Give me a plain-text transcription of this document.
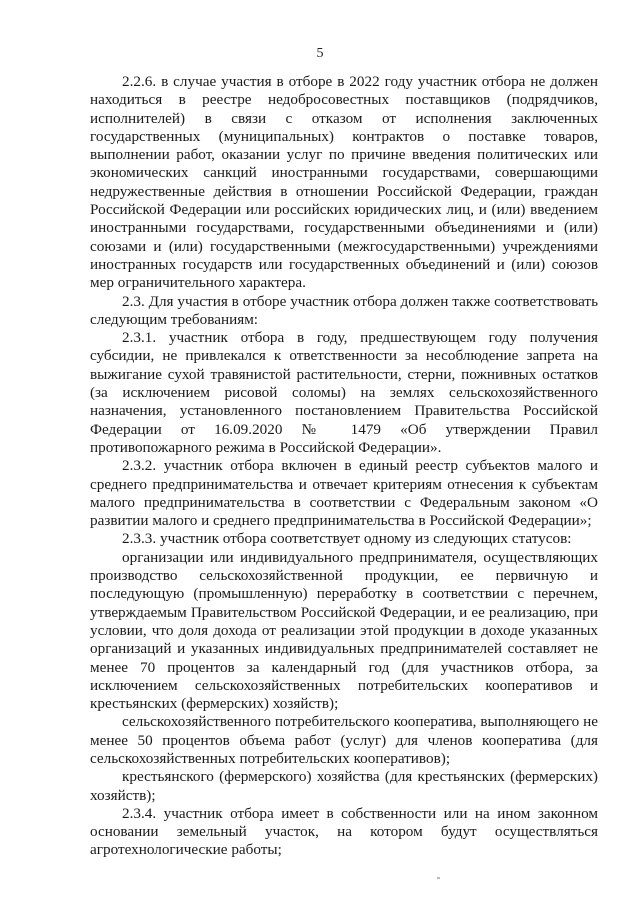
5

2.2.6. в случае участия в отборе в 2022 году участник отбора не должен находиться в реестре недобросовестных поставщиков (подрядчиков, исполнителей) в связи с отказом от исполнения заключенных государственных (муниципальных) контрактов о поставке товаров, выполнении работ, оказании услуг по причине введения политических или экономических санкций иностранными государствами, совершающими недружественные действия в отношении Российской Федерации, граждан Российской Федерации или российских юридических лиц, и (или) введением иностранными государствами, государственными объединениями и (или) союзами и (или) государственными (межгосударственными) учреждениями иностранных государств или государственных объединений и (или) союзов мер ограничительного характера.

2.3. Для участия в отборе участник отбора должен также соответствовать следующим требованиям:

2.3.1. участник отбора в году, предшествующем году получения субсидии, не привлекался к ответственности за несоблюдение запрета на выжигание сухой травянистой растительности, стерни, пожнивных остатков (за исключением рисовой соломы) на землях сельскохозяйственного назначения, установленного постановлением Правительства Российской Федерации от 16.09.2020 № 1479 «Об утверждении Правил противопожарного режима в Российской Федерации».

2.3.2. участник отбора включен в единый реестр субъектов малого и среднего предпринимательства и отвечает критериям отнесения к субъектам малого предпринимательства в соответствии с Федеральным законом «О развитии малого и среднего предпринимательства в Российской Федерации»;

2.3.3. участник отбора соответствует одному из следующих статусов:

организации или индивидуального предпринимателя, осуществляющих производство сельскохозяйственной продукции, ее первичную и последующую (промышленную) переработку в соответствии с перечнем, утверждаемым Правительством Российской Федерации, и ее реализацию, при условии, что доля дохода от реализации этой продукции в доходе указанных организаций и указанных индивидуальных предпринимателей составляет не менее 70 процентов за календарный год (для участников отбора, за исключением сельскохозяйственных потребительских кооперативов и крестьянских (фермерских) хозяйств);

сельскохозяйственного потребительского кооператива, выполняющего не менее 50 процентов объема работ (услуг) для членов кооператива (для сельскохозяйственных потребительских кооперативов);

крестьянского (фермерского) хозяйства (для крестьянских (фермерских) хозяйств);

2.3.4. участник отбора имеет в собственности или на ином законном основании земельный участок, на котором будут осуществляться агротехнологические работы;
